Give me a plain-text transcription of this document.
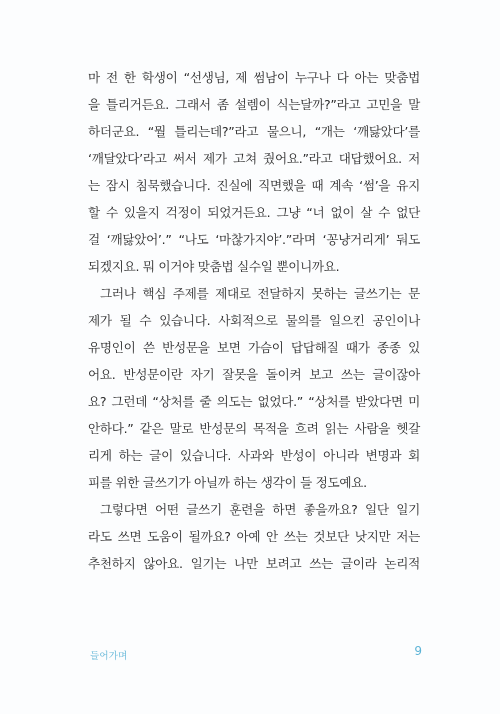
마 전 한 학생이 “선생님, 제 썸남이 누구나 다 아는 맞춤법
을 틀리거든요. 그래서 좀 설렘이 식는달까?”라고 고민을 말
하더군요. “뭘 틀리는데?”라고 물으니, “개는 ‘깨닳았다’를
‘깨달았다’라고 써서 제가 고쳐 줬어요.”라고 대답했어요. 저
는 잠시 침묵했습니다. 진실에 직면했을 때 계속 ‘썸’을 유지
할 수 있을지 걱정이 되었거든요. 그냥 “너 없이 살 수 없단
걸 ‘깨닳았어’.” “나도 ‘마찮가지야’.”라며 ‘꽁냥거리게’ 둬도
되겠지요. 뭐 이거야 맞춤법 실수일 뿐이니까요.

그러나 핵심 주제를 제대로 전달하지 못하는 글쓰기는 문
제가 될 수 있습니다. 사회적으로 물의를 일으킨 공인이나
유명인이 쓴 반성문을 보면 가슴이 답답해질 때가 종종 있
어요. 반성문이란 자기 잘못을 돌이켜 보고 쓰는 글이잖아
요? 그런데 “상처를 줄 의도는 없었다.” “상처를 받았다면 미
안하다.” 같은 말로 반성문의 목적을 흐려 읽는 사람을 헷갈
리게 하는 글이 있습니다. 사과와 반성이 아니라 변명과 회
피를 위한 글쓰기가 아닐까 하는 생각이 들 정도예요.

그렇다면 어떤 글쓰기 훈련을 하면 좋을까요? 일단 일기
라도 쓰면 도움이 될까요? 아예 안 쓰는 것보단 낫지만 저는
추천하지 않아요. 일기는 나만 보려고 쓰는 글이라 논리적

들어가며	9
